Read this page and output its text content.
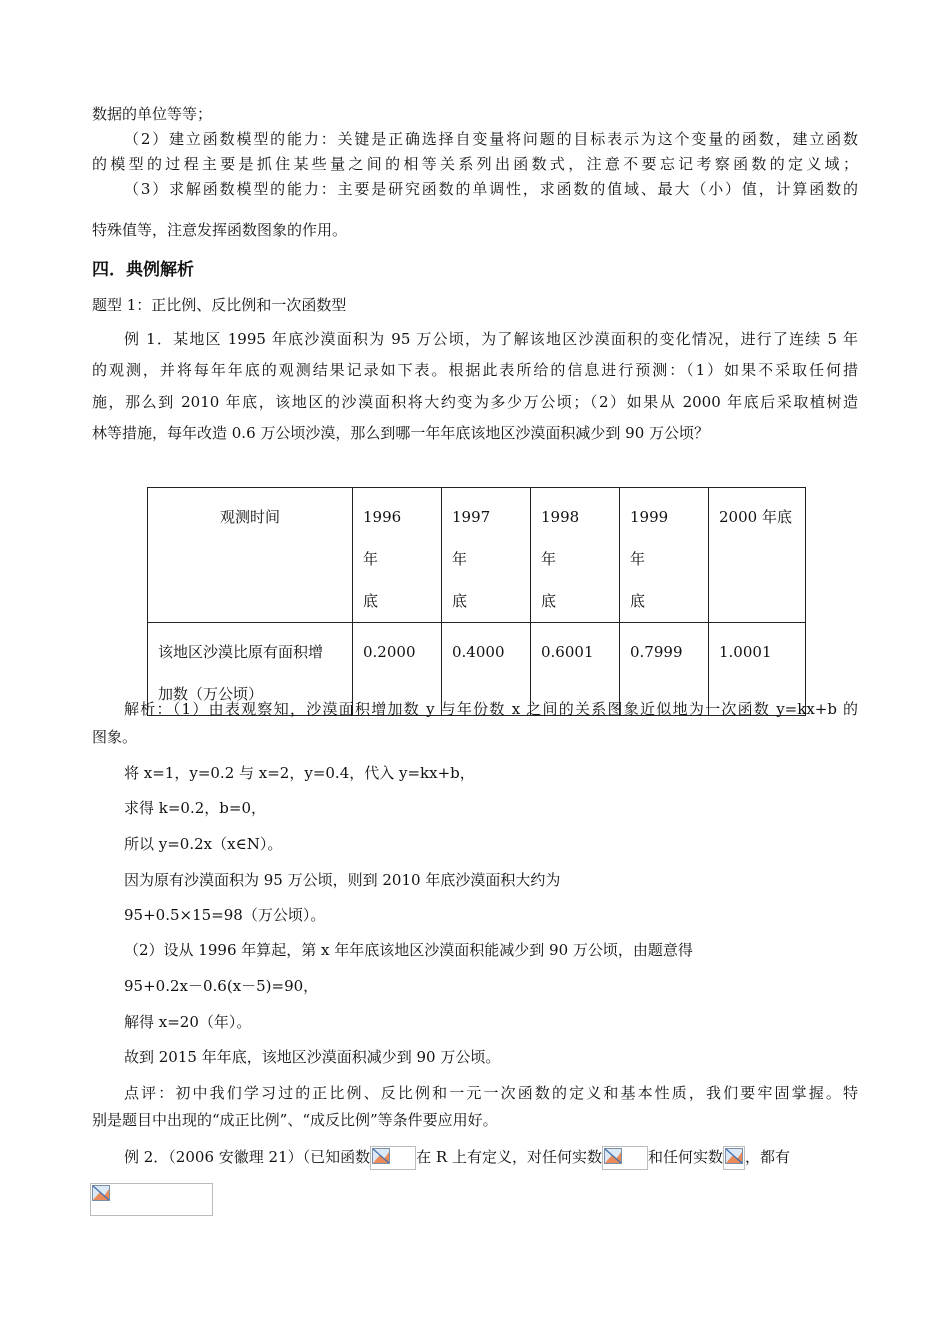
数据的单位等等；
（2）建立函数模型的能力：关键是正确选择自变量将问题的目标表示为这个变量的函数，建立函数
的模型的过程主要是抓住某些量之间的相等关系列出函数式，注意不要忘记考察函数的定义域；
（3）求解函数模型的能力：主要是研究函数的单调性，求函数的值域、最大（小）值，计算函数的
特殊值等，注意发挥函数图象的作用。
四．典例解析
题型 1：正比例、反比例和一次函数型
例 1．某地区 1995 年底沙漠面积为 95 万公顷，为了解该地区沙漠面积的变化情况，进行了连续 5 年
的观测，并将每年年底的观测结果记录如下表。根据此表所给的信息进行预测：（1）如果不采取任何措
施，那么到 2010 年底，该地区的沙漠面积将大约变为多少万公顷；（2）如果从 2000 年底后采取植树造
林等措施，每年改造 0.6 万公顷沙漠，那么到哪一年年底该地区沙漠面积减少到 90 万公顷？
观测时间	1996　 年
底	1997　 年
底	1998　 年
底	1999　 年
底	2000 年底

该地区沙漠比原有面积增
加数（万公顷）	0.2000	0.4000	0.6001	0.7999	1.0001
解析：（1）由表观察知，沙漠面积增加数 y 与年份数 x 之间的关系图象近似地为一次函数 y=kx+b 的
图象。
将 x=1，y=0.2 与 x=2，y=0.4，代入 y=kx+b，
求得 k=0.2，b=0，
所以 y=0.2x（x∈N）。
因为原有沙漠面积为 95 万公顷，则到 2010 年底沙漠面积大约为
95+0.5×15=98（万公顷）。
（2）设从 1996 年算起，第 x 年年底该地区沙漠面积能减少到 90 万公顷，由题意得
95+0.2x－0.6(x－5)=90，
解得 x=20（年）。
故到 2015 年年底，该地区沙漠面积减少到 90 万公顷。
点评：初中我们学习过的正比例、反比例和一元一次函数的定义和基本性质，我们要牢固掌握。特
别是题目中出现的“成正比例”、“成反比例”等条件要应用好。
例 2．（2006 安徽理 21）（已知函数	在 R 上有定义，对任何实数	和任何实数 ，都有
